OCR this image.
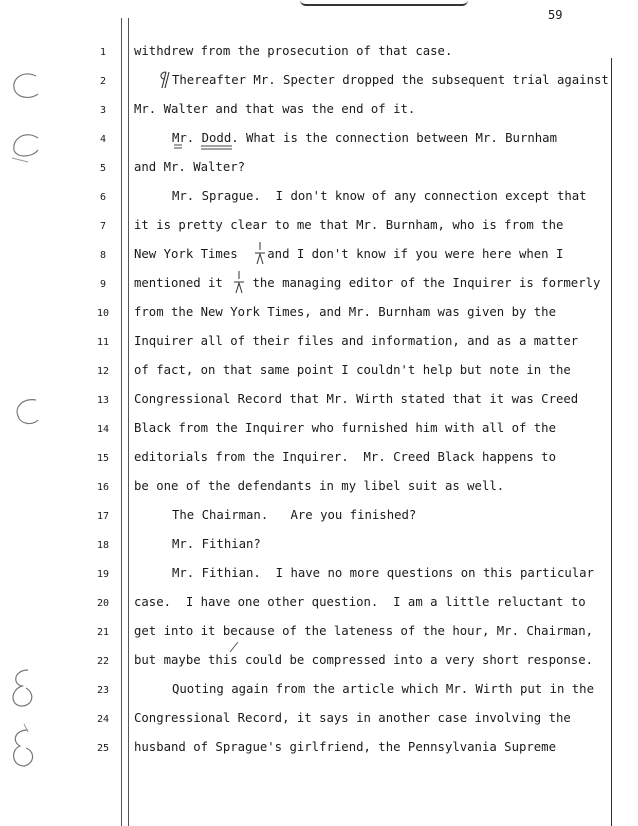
59
1
2
3
4
5
6
7
8
9
10
11
12
13
14
15
16
17
18
19
20
21
22
23
24
25
withdrew from the prosecution of that case.
Thereafter Mr. Specter dropped the subsequent trial against
Mr. Walter and that was the end of it.
Mr. Dodd. What is the connection between Mr. Burnham
and Mr. Walter?
Mr. Sprague.  I don't know of any connection except that
it is pretty clear to me that Mr. Burnham, who is from the
New York Times    and I don't know if you were here when I
mentioned it    the managing editor of the Inquirer is formerly
from the New York Times, and Mr. Burnham was given by the
Inquirer all of their files and information, and as a matter
of fact, on that same point I couldn't help but note in the
Congressional Record that Mr. Wirth stated that it was Creed
Black from the Inquirer who furnished him with all of the
editorials from the Inquirer.  Mr. Creed Black happens to
be one of the defendants in my libel suit as well.
The Chairman.   Are you finished?
Mr. Fithian?
Mr. Fithian.  I have no more questions on this particular
case.  I have one other question.  I am a little reluctant to
get into it because of the lateness of the hour, Mr. Chairman,
but maybe this could be compressed into a very short response.
Quoting again from the article which Mr. Wirth put in the
Congressional Record, it says in another case involving the
husband of Sprague's girlfriend, the Pennsylvania Supreme
